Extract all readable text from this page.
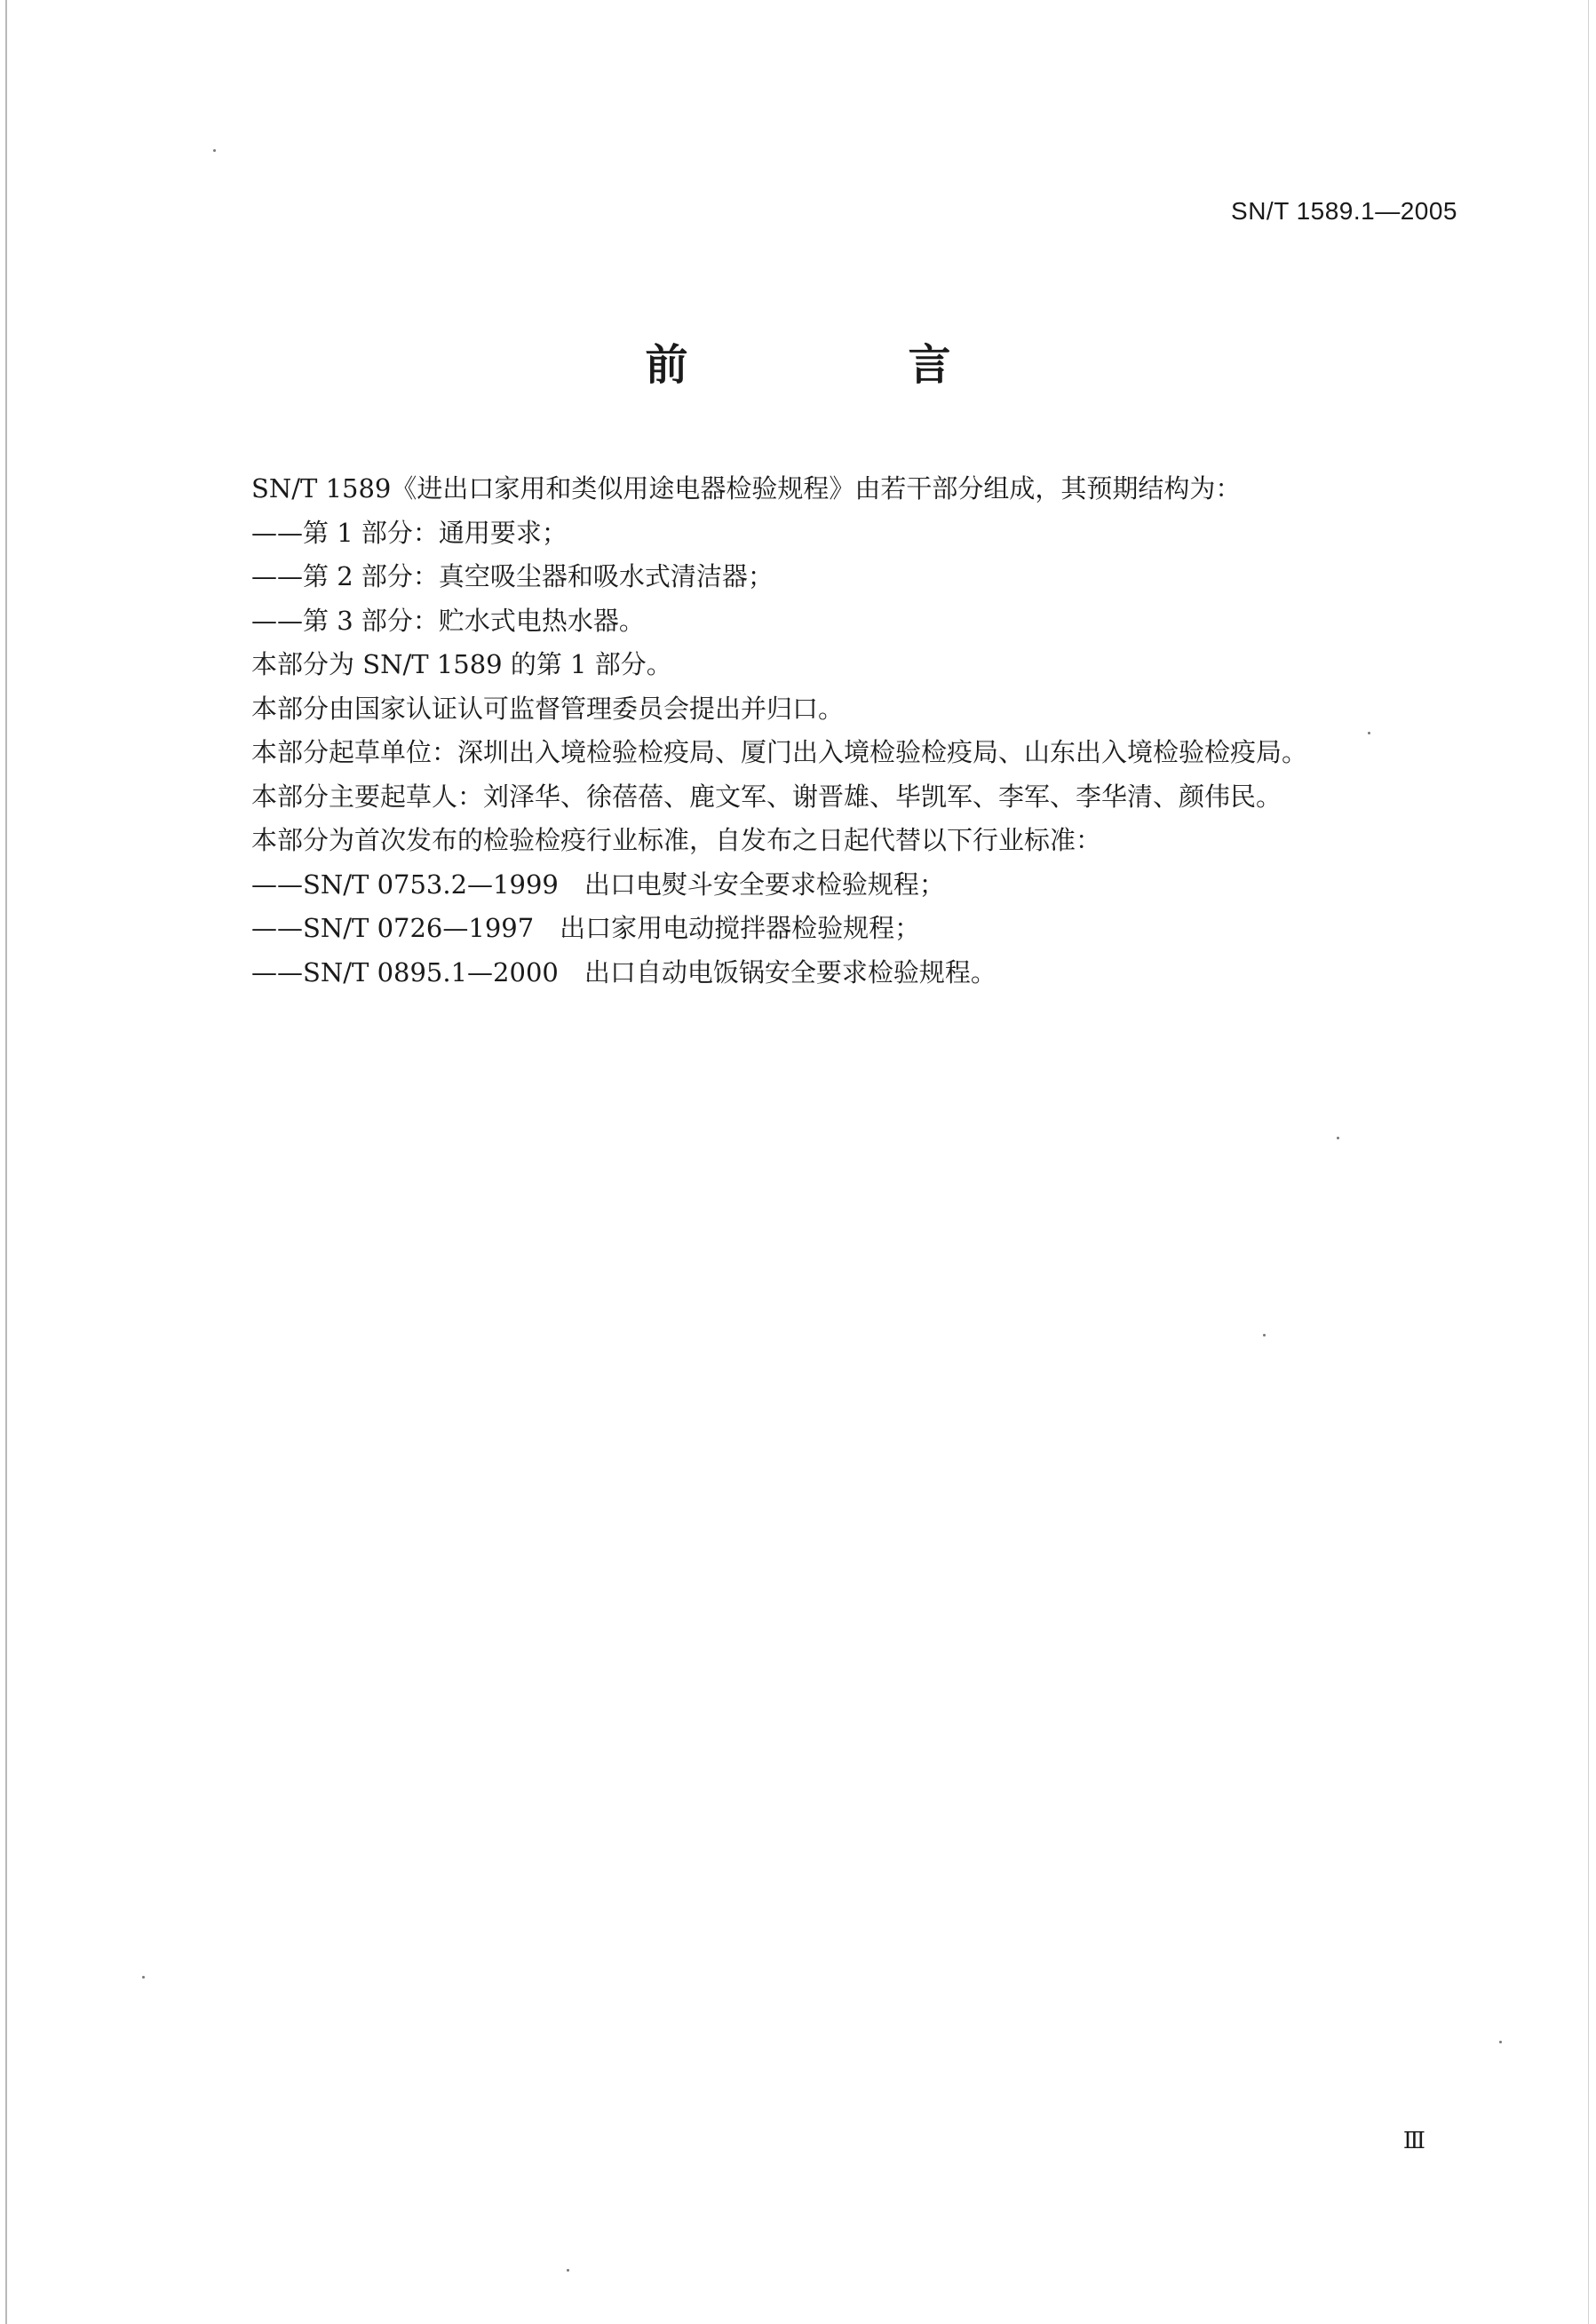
SN/T 1589.1—2005
前　言
SN/T 1589《进出口家用和类似用途电器检验规程》由若干部分组成，其预期结构为：
——第 1 部分：通用要求；
——第 2 部分：真空吸尘器和吸水式清洁器；
——第 3 部分：贮水式电热水器。
本部分为 SN/T 1589 的第 1 部分。
本部分由国家认证认可监督管理委员会提出并归口。
本部分起草单位：深圳出入境检验检疫局、厦门出入境检验检疫局、山东出入境检验检疫局。
本部分主要起草人：刘泽华、徐蓓蓓、鹿文军、谢晋雄、毕凯军、李军、李华清、颜伟民。
本部分为首次发布的检验检疫行业标准，自发布之日起代替以下行业标准：
——SN/T 0753.2—1999　出口电熨斗安全要求检验规程；
——SN/T 0726—1997　出口家用电动搅拌器检验规程；
——SN/T 0895.1—2000　出口自动电饭锅安全要求检验规程。
Ⅲ
